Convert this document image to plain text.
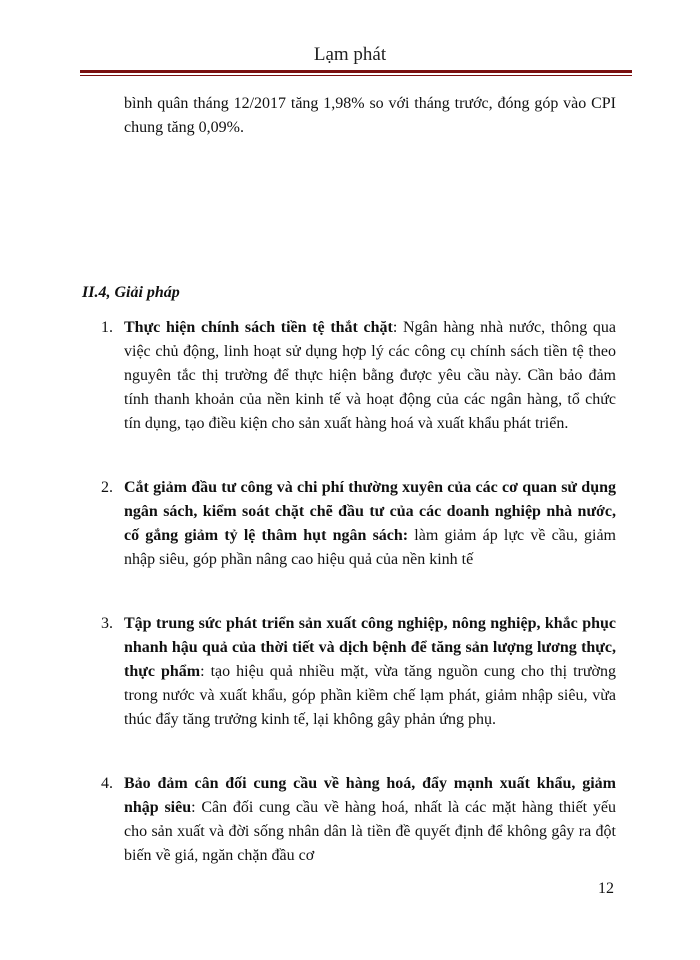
Lạm phát
bình quân tháng 12/2017 tăng 1,98% so với tháng trước, đóng góp vào CPI chung tăng 0,09%.
II.4, Giải pháp
1. Thực hiện chính sách tiền tệ thắt chặt: Ngân hàng nhà nước, thông qua việc chủ động, linh hoạt sử dụng hợp lý các công cụ chính sách tiền tệ theo nguyên tắc thị trường để thực hiện bằng được yêu cầu này. Cần bảo đảm tính thanh khoản của nền kinh tế và hoạt động của các ngân hàng, tổ chức tín dụng, tạo điều kiện cho sản xuất hàng hoá và xuất khẩu phát triển.
2. Cắt giảm đầu tư công và chi phí thường xuyên của các cơ quan sử dụng ngân sách, kiểm soát chặt chẽ đầu tư của các doanh nghiệp nhà nước, cố gắng giảm tỷ lệ thâm hụt ngân sách: làm giảm áp lực về cầu, giảm nhập siêu, góp phần nâng cao hiệu quả của nền kinh tế
3. Tập trung sức phát triển sản xuất công nghiệp, nông nghiệp, khắc phục nhanh hậu quả của thời tiết và dịch bệnh để tăng sản lượng lương thực, thực phẩm: tạo hiệu quả nhiều mặt, vừa tăng nguồn cung cho thị trường trong nước và xuất khẩu, góp phần kiềm chế lạm phát, giảm nhập siêu, vừa thúc đẩy tăng trưởng kinh tế, lại không gây phản ứng phụ.
4. Bảo đảm cân đối cung cầu về hàng hoá, đẩy mạnh xuất khẩu, giảm nhập siêu: Cân đối cung cầu về hàng hoá, nhất là các mặt hàng thiết yếu cho sản xuất và đời sống nhân dân là tiền đề quyết định để không gây ra đột biến về giá, ngăn chặn đầu cơ
12
